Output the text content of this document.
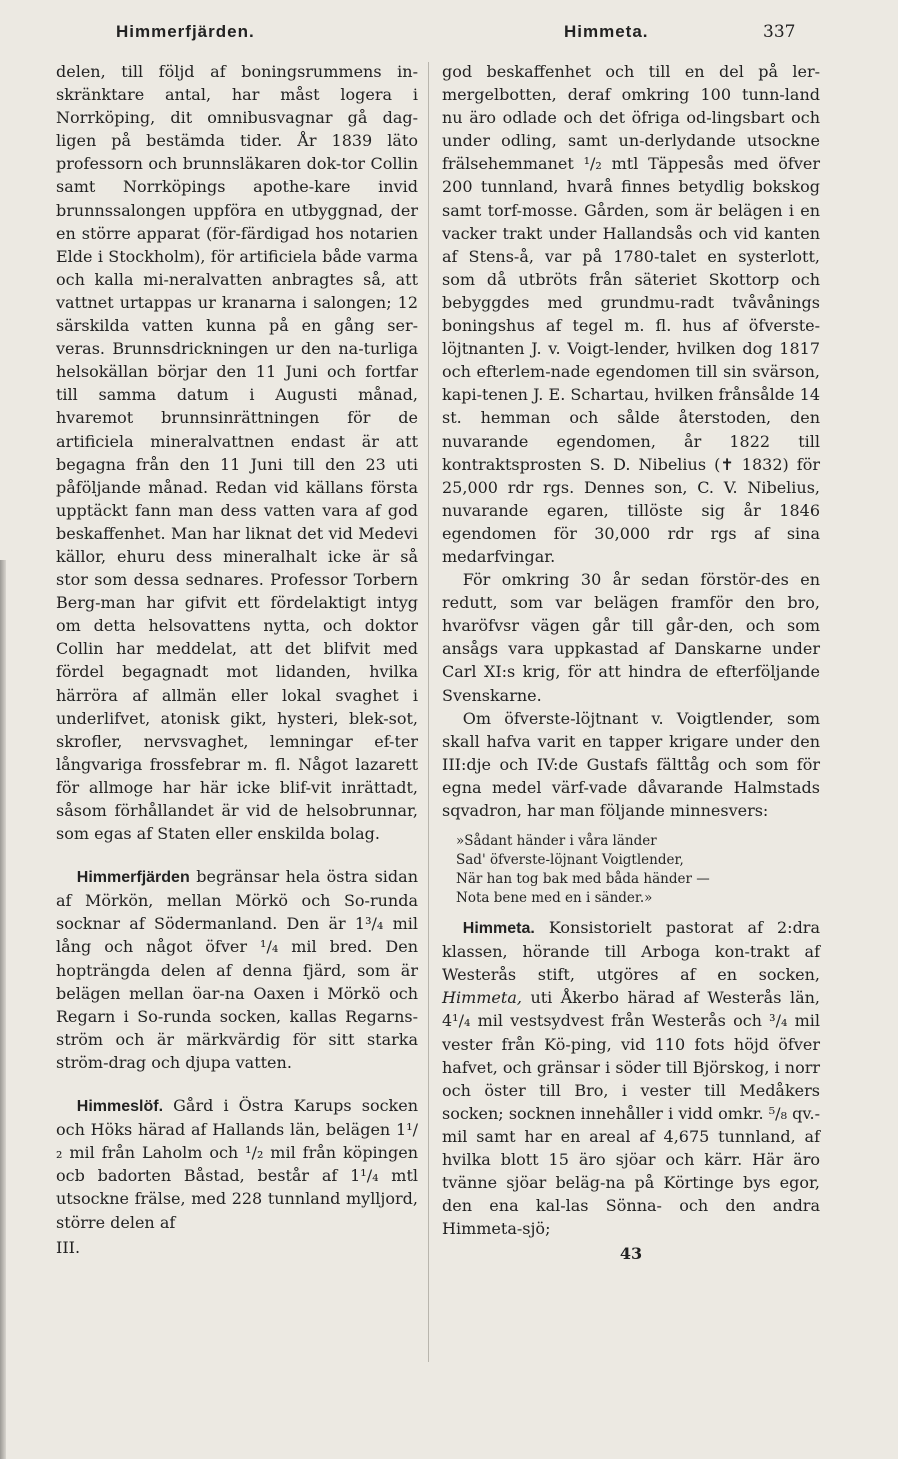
Himmerfjärden.	Himmeta.	337

delen, till följd af boningsrummens in-skränktare antal, har måst logera i Norrköping, dit omnibusvagnar gå dag-ligen på bestämda tider. År 1839 läto professorn och brunnsläkaren dok-tor Collin samt Norrköpings apothe-kare invid brunnssalongen uppföra en utbyggnad, der en större apparat (för-färdigad hos notarien Elde i Stockholm), för artificiela både varma och kalla mi-neralvatten anbragtes så, att vattnet urtappas ur kranarna i salongen; 12 särskilda vatten kunna på en gång ser-veras. Brunnsdrickningen ur den na-turliga helsokällan börjar den 11 Juni och fortfar till samma datum i Augusti månad, hvaremot brunnsinrättningen för de artificiela mineralvattnen endast är att begagna från den 11 Juni till den 23 uti påföljande månad. Redan vid källans första upptäckt fann man dess vatten vara af god beskaffenhet. Man har liknat det vid Medevi källor, ehuru dess mineralhalt icke är så stor som dessa sednares. Professor Torbern Berg-man har gifvit ett fördelaktigt intyg om detta helsovattens nytta, och doktor Collin har meddelat, att det blifvit med fördel begagnadt mot lidanden, hvilka härröra af allmän eller lokal svaghet i underlifvet, atonisk gikt, hysteri, blek-sot, skrofler, nervsvaghet, lemningar ef-ter långvariga frossfebrar m. fl. Något lazarett för allmoge har här icke blif-vit inrättadt, såsom förhållandet är vid de helsobrunnar, som egas af Staten eller enskilda bolag.

Himmerfjärden begränsar hela östra sidan af Mörkön, mellan Mörkö och So-runda socknar af Södermanland. Den är 1³/₄ mil lång och något öfver ¹/₄ mil bred. Den hopträngda delen af denna fjärd, som är belägen mellan öar-na Oaxen i Mörkö och Regarn i So-runda socken, kallas Regarns-ström och är märkvärdig för sitt starka ström-drag och djupa vatten.

Himmeslöf. Gård i Östra Karups socken och Höks härad af Hallands län, belägen 1¹/₂ mil från Laholm och ¹/₂ mil från köpingen ocb badorten Båstad, består af 1¹/₄ mtl utsockne frälse, med 228 tunnland mylljord, större delen af

III.

god beskaffenhet och till en del på ler-mergelbotten, deraf omkring 100 tunn-land nu äro odlade och det öfriga od-lingsbart och under odling, samt un-derlydande utsockne frälsehemmanet ¹/₂ mtl Täppesås med öfver 200 tunnland, hvarå finnes betydlig bokskog samt torf-mosse. Gården, som är belägen i en vacker trakt under Hallandsås och vid kanten af Stens-å, var på 1780-talet en systerlott, som då utbröts från säteriet Skottorp och bebyggdes med grundmu-radt tvåvånings boningshus af tegel m. fl. hus af öfverste-löjtnanten J. v. Voigt-lender, hvilken dog 1817 och efterlem-nade egendomen till sin svärson, kapi-tenen J. E. Schartau, hvilken frånsålde 14 st. hemman och sålde återstoden, den nuvarande egendomen, år 1822 till kontraktsprosten S. D. Nibelius (✝ 1832) för 25,000 rdr rgs. Dennes son, C. V. Nibelius, nuvarande egaren, tillöste sig år 1846 egendomen för 30,000 rdr rgs af sina medarfvingar.

För omkring 30 år sedan förstör-des en redutt, som var belägen framför den bro, hvaröfvsr vägen går till går-den, och som ansågs vara uppkastad af Danskarne under Carl XI:s krig, för att hindra de efterföljande Svenskarne.

Om öfverste-löjtnant v. Voigtlender, som skall hafva varit en tapper krigare under den III:dje och IV:de Gustafs fälttåg och som för egna medel värf-vade dåvarande Halmstads sqvadron, har man följande minnesvers:

»Sådant händer i våra länder
Sad' öfverste-löjnant Voigtlender,
När han tog bak med båda händer —
Nota bene med en i sänder.»

Himmeta. Konsistorielt pastorat af 2:dra klassen, hörande till Arboga kon-trakt af Westerås stift, utgöres af en socken, Himmeta, uti Åkerbo härad af Westerås län, 4¹/₄ mil vestsydvest från Westerås och ³/₄ mil vester från Kö-ping, vid 110 fots höjd öfver hafvet, och gränsar i söder till Björskog, i norr och öster till Bro, i vester till Medåkers socken; socknen innehåller i vidd omkr. ⁵/₈ qv.-mil samt har en areal af 4,675 tunnland, af hvilka blott 15 äro sjöar och kärr. Här äro tvänne sjöar beläg-na på Körtinge bys egor, den ena kal-las Sönna- och den andra Himmeta-sjö;

43
